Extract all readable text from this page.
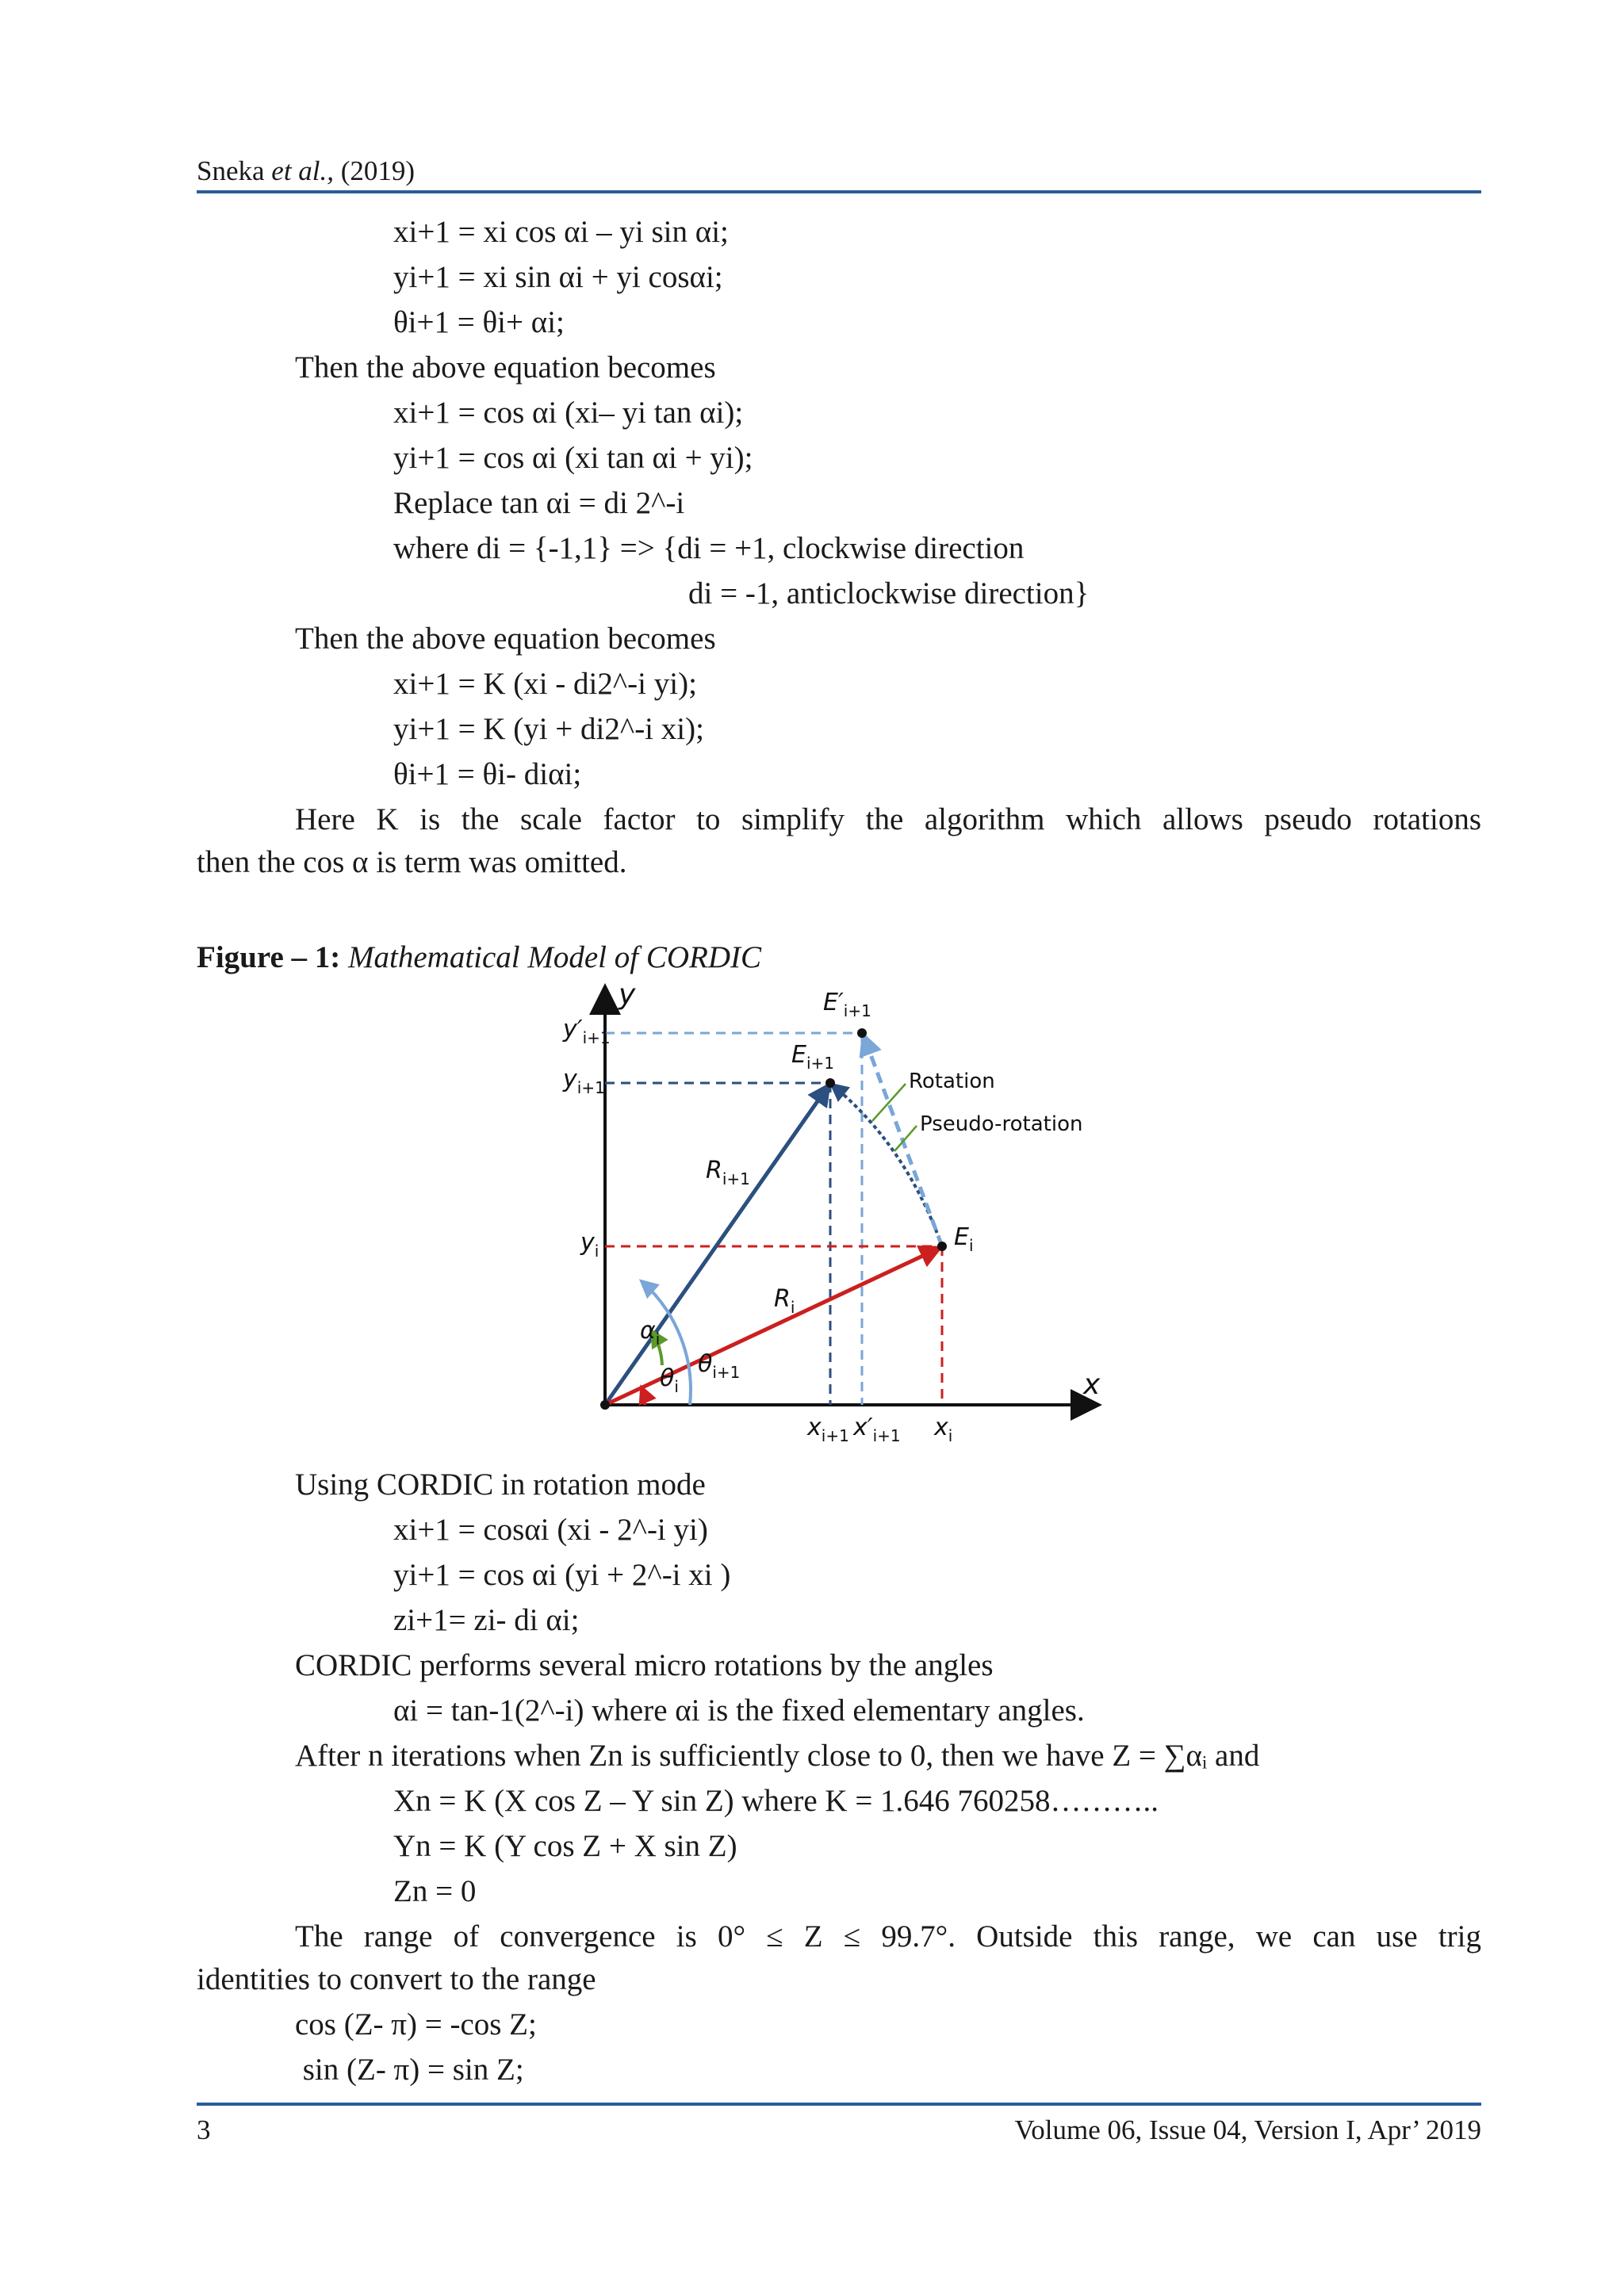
Sneka et al., (2019)
xi+1 = xi cos αi – yi sin αi;
yi+1 = xi sin αi + yi cosαi;
θi+1 = θi+ αi;
Then the above equation becomes
xi+1 = cos αi (xi– yi tan αi);
yi+1 = cos αi (xi tan αi + yi);
Replace tan αi = di 2^-i
where di = {-1,1} => {di = +1, clockwise direction
di = -1, anticlockwise direction}
Then the above equation becomes
xi+1 = K (xi - di2^-i yi);
yi+1 = K (yi + di2^-i xi);
θi+1 = θi- diαi;
Here K is the scale factor to simplify the algorithm which allows pseudo rotations
then the cos α is term was omitted.
Figure – 1: Mathematical Model of CORDIC
y
x
$y'_{i+1}$
$y_{i+1}$
$y_i$
$x_{i+1}$ $x'_{i+1}$ $x_i$
$E'_{i+1}$
$E_{i+1}$
$E_i$
$R_{i+1}$
$R_i$
$\alpha_i$
$\theta_i$
$\theta_{i+1}$
Rotation
Pseudo-rotation
Using CORDIC in rotation mode
xi+1 = cosαi (xi - 2^-i yi)
yi+1 = cos αi (yi + 2^-i xi )
zi+1= zi- di αi;
CORDIC performs several micro rotations by the angles
αi = tan-1(2^-i) where αi is the fixed elementary angles.
After n iterations when Zn is sufficiently close to 0, then we have Z = ∑αᵢ and
Xn = K (X cos Z – Y sin Z) where K = 1.646 760258………..
Yn = K (Y cos Z + X sin Z)
Zn = 0
The range of convergence is 0° ≤ Z ≤ 99.7°. Outside this range, we can use trig
identities to convert to the range
cos (Z- π) = -cos Z;
sin (Z- π) = sin Z;
3	Volume 06, Issue 04, Version I, Apr’ 2019
